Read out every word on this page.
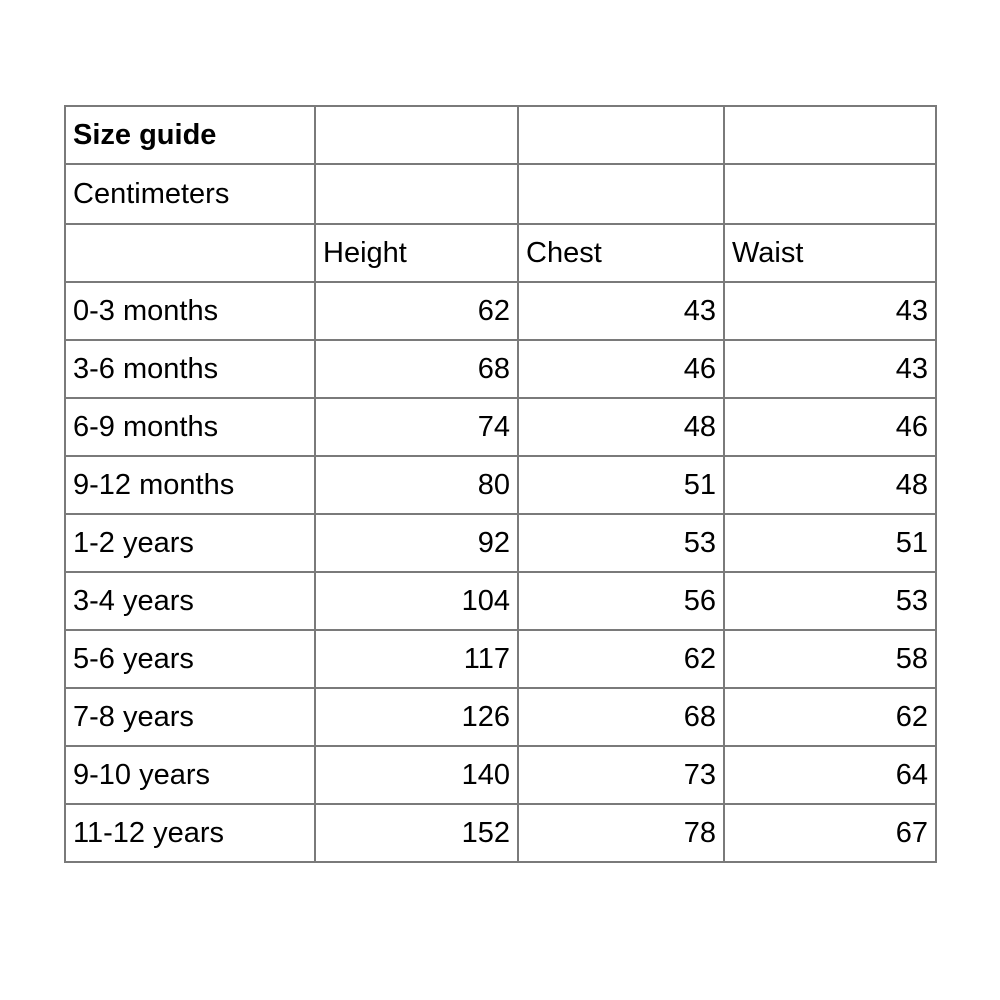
Size guide			
Centimeters			
	Height	Chest	Waist
0-3 months	62	43	43
3-6 months	68	46	43
6-9 months	74	48	46
9-12 months	80	51	48
1-2 years	92	53	51
3-4 years	104	56	53
5-6 years	117	62	58
7-8 years	126	68	62
9-10 years	140	73	64
11-12 years	152	78	67
